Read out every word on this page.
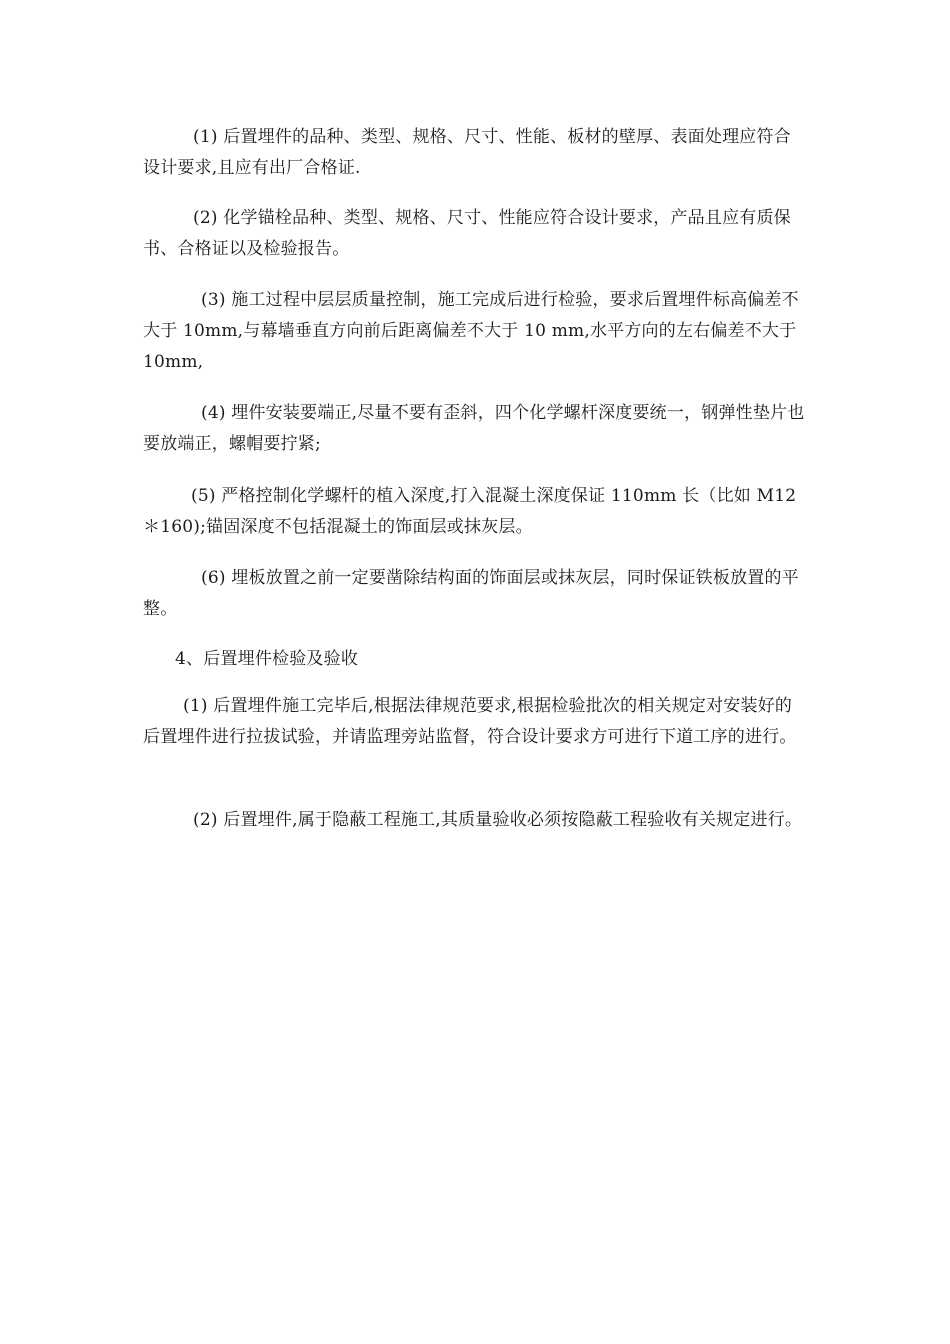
(1) 后置埋件的品种、类型、规格、尺寸、性能、板材的壁厚、表面处理应符合设计要求,且应有出厂合格证.

(2) 化学锚栓品种、类型、规格、尺寸、性能应符合设计要求，产品且应有质保书、合格证以及检验报告。

(3) 施工过程中层层质量控制，施工完成后进行检验，要求后置埋件标高偏差不大于 10mm,与幕墙垂直方向前后距离偏差不大于 10 mm,水平方向的左右偏差不大于 10mm,

(4) 埋件安装要端正,尽量不要有歪斜，四个化学螺杆深度要统一，钢弹性垫片也要放端正，螺帽要拧紧;

(5) 严格控制化学螺杆的植入深度,打入混凝土深度保证 110mm 长（比如 M12＊160);锚固深度不包括混凝土的饰面层或抹灰层。

(6) 埋板放置之前一定要凿除结构面的饰面层或抹灰层，同时保证铁板放置的平整。

4、后置埋件检验及验收

(1) 后置埋件施工完毕后,根据法律规范要求,根据检验批次的相关规定对安装好的后置埋件进行拉拔试验，并请监理旁站监督，符合设计要求方可进行下道工序的进行。

(2) 后置埋件,属于隐蔽工程施工,其质量验收必须按隐蔽工程验收有关规定进行。
